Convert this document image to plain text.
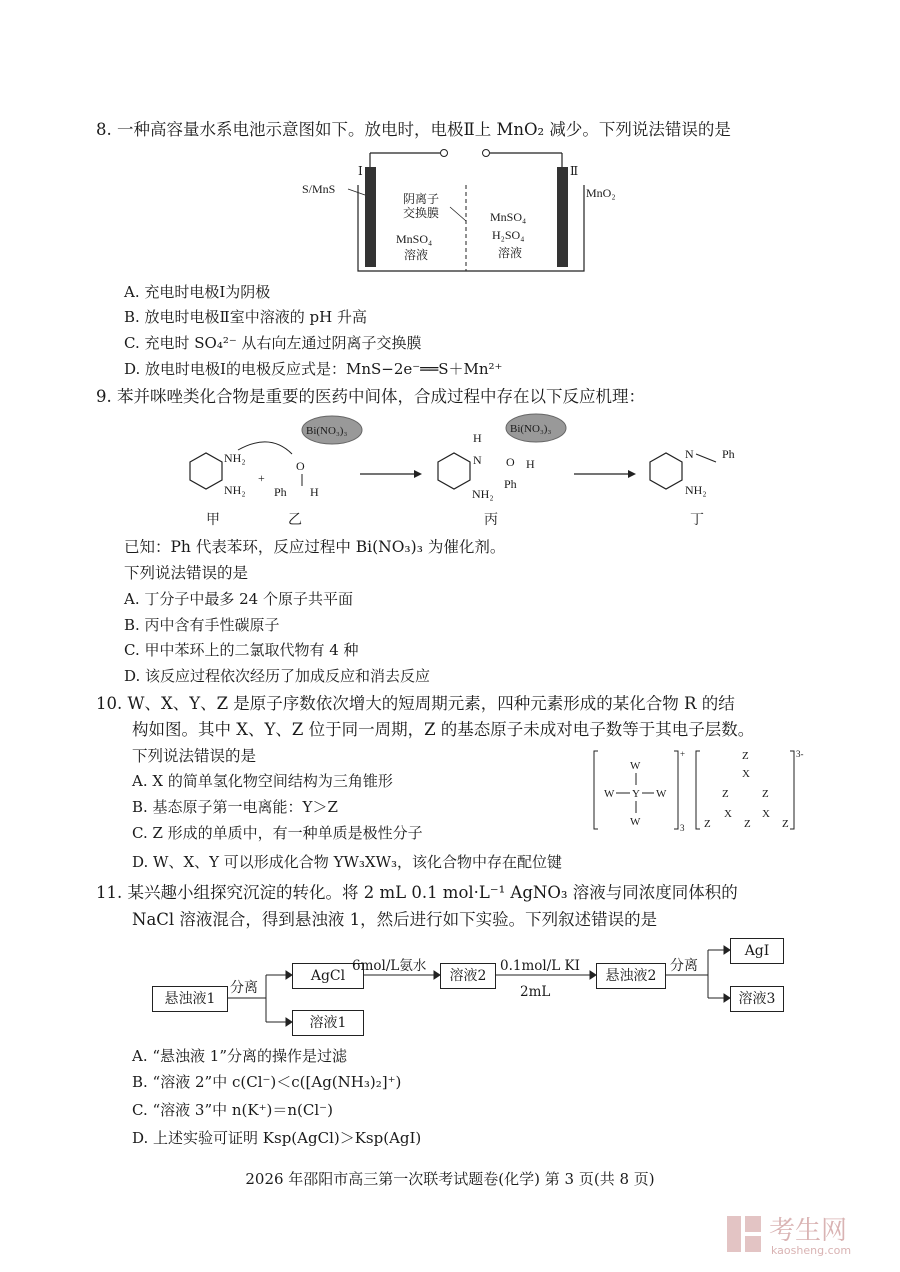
8. 一种高容量水系电池示意图如下。放电时，电极Ⅱ上 MnO₂ 减少。下列说法错误的是
Ⅰ	Ⅱ
S/MnS	MnO₂
阴离子
交换膜
MnSO₄
溶液
MnSO₄
H₂SO₄
溶液
A. 充电时电极Ⅰ为阴极
B. 放电时电极Ⅱ室中溶液的 pH 升高
C. 充电时 SO₄²⁻ 从右向左通过阴离子交换膜
D. 放电时电极Ⅰ的电极反应式是：MnS−2e⁻══S＋Mn²⁺
9. 苯并咪唑类化合物是重要的医药中间体，合成过程中存在以下反应机理：
NH₂
NH₂
+
Bi(NO₃)₃
O
Ph H
H
N
Bi(NO₃)₃
O H
Ph
NH₂
N Ph
NH₂
甲	乙	丙	丁
已知：Ph 代表苯环，反应过程中 Bi(NO₃)₃ 为催化剂。
下列说法错误的是
A. 丁分子中最多 24 个原子共平面
B. 丙中含有手性碳原子
C. 甲中苯环上的二氯取代物有 4 种
D. 该反应过程依次经历了加成反应和消去反应
10. W、X、Y、Z 是原子序数依次增大的短周期元素，四种元素形成的某化合物 R 的结
构如图。其中 X、Y、Z 位于同一周期，Z 的基态原子未成对电子数等于其电子层数。
下列说法错误的是
A. X 的简单氢化物空间结构为三角锥形
B. 基态原子第一电离能：Y＞Z
C. Z 形成的单质中，有一种单质是极性分子
D. W、X、Y 可以形成化合物 YW₃XW₃，该化合物中存在配位键
W
W Y W
W
+
3
Z
X
Z	Z
X
Z
X
Z	Z
3-
11. 某兴趣小组探究沉淀的转化。将 2 mL 0.1 mol·L⁻¹ AgNO₃ 溶液与同浓度同体积的
NaCl 溶液混合，得到悬浊液 1，然后进行如下实验。下列叙述错误的是
悬浊液1
分离
AgCl
溶液1
6mol/L氨水
溶液2
0.1mol/L KI
2mL
悬浊液2
分离
AgI
溶液3
A. “悬浊液 1”分离的操作是过滤
B. “溶液 2”中 c(Cl⁻)＜c([Ag(NH₃)₂]⁺)
C. “溶液 3”中 n(K⁺)＝n(Cl⁻)
D. 上述实验可证明 Ksp(AgCl)＞Ksp(AgI)
2026 年邵阳市高三第一次联考试题卷(化学) 第 3 页(共 8 页)
考生网
kaosheng.com
